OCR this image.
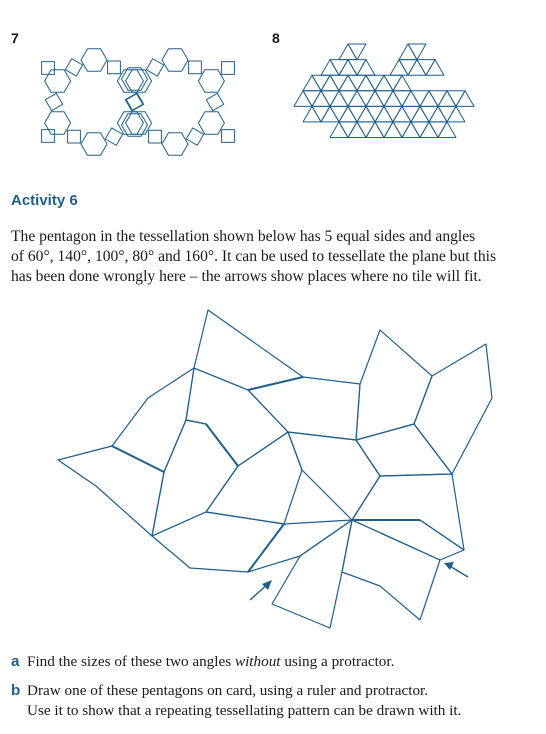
7	8
Activity 6
The pentagon in the tessellation shown below has 5 equal sides and angles
of 60°, 140°, 100°, 80° and 160°. It can be used to tessellate the plane but this
has been done wrongly here – the arrows show places where no tile will fit.
a Find the sizes of these two angles without using a protractor.
b Draw one of these pentagons on card, using a ruler and protractor.
Use it to show that a repeating tessellating pattern can be drawn with it.
